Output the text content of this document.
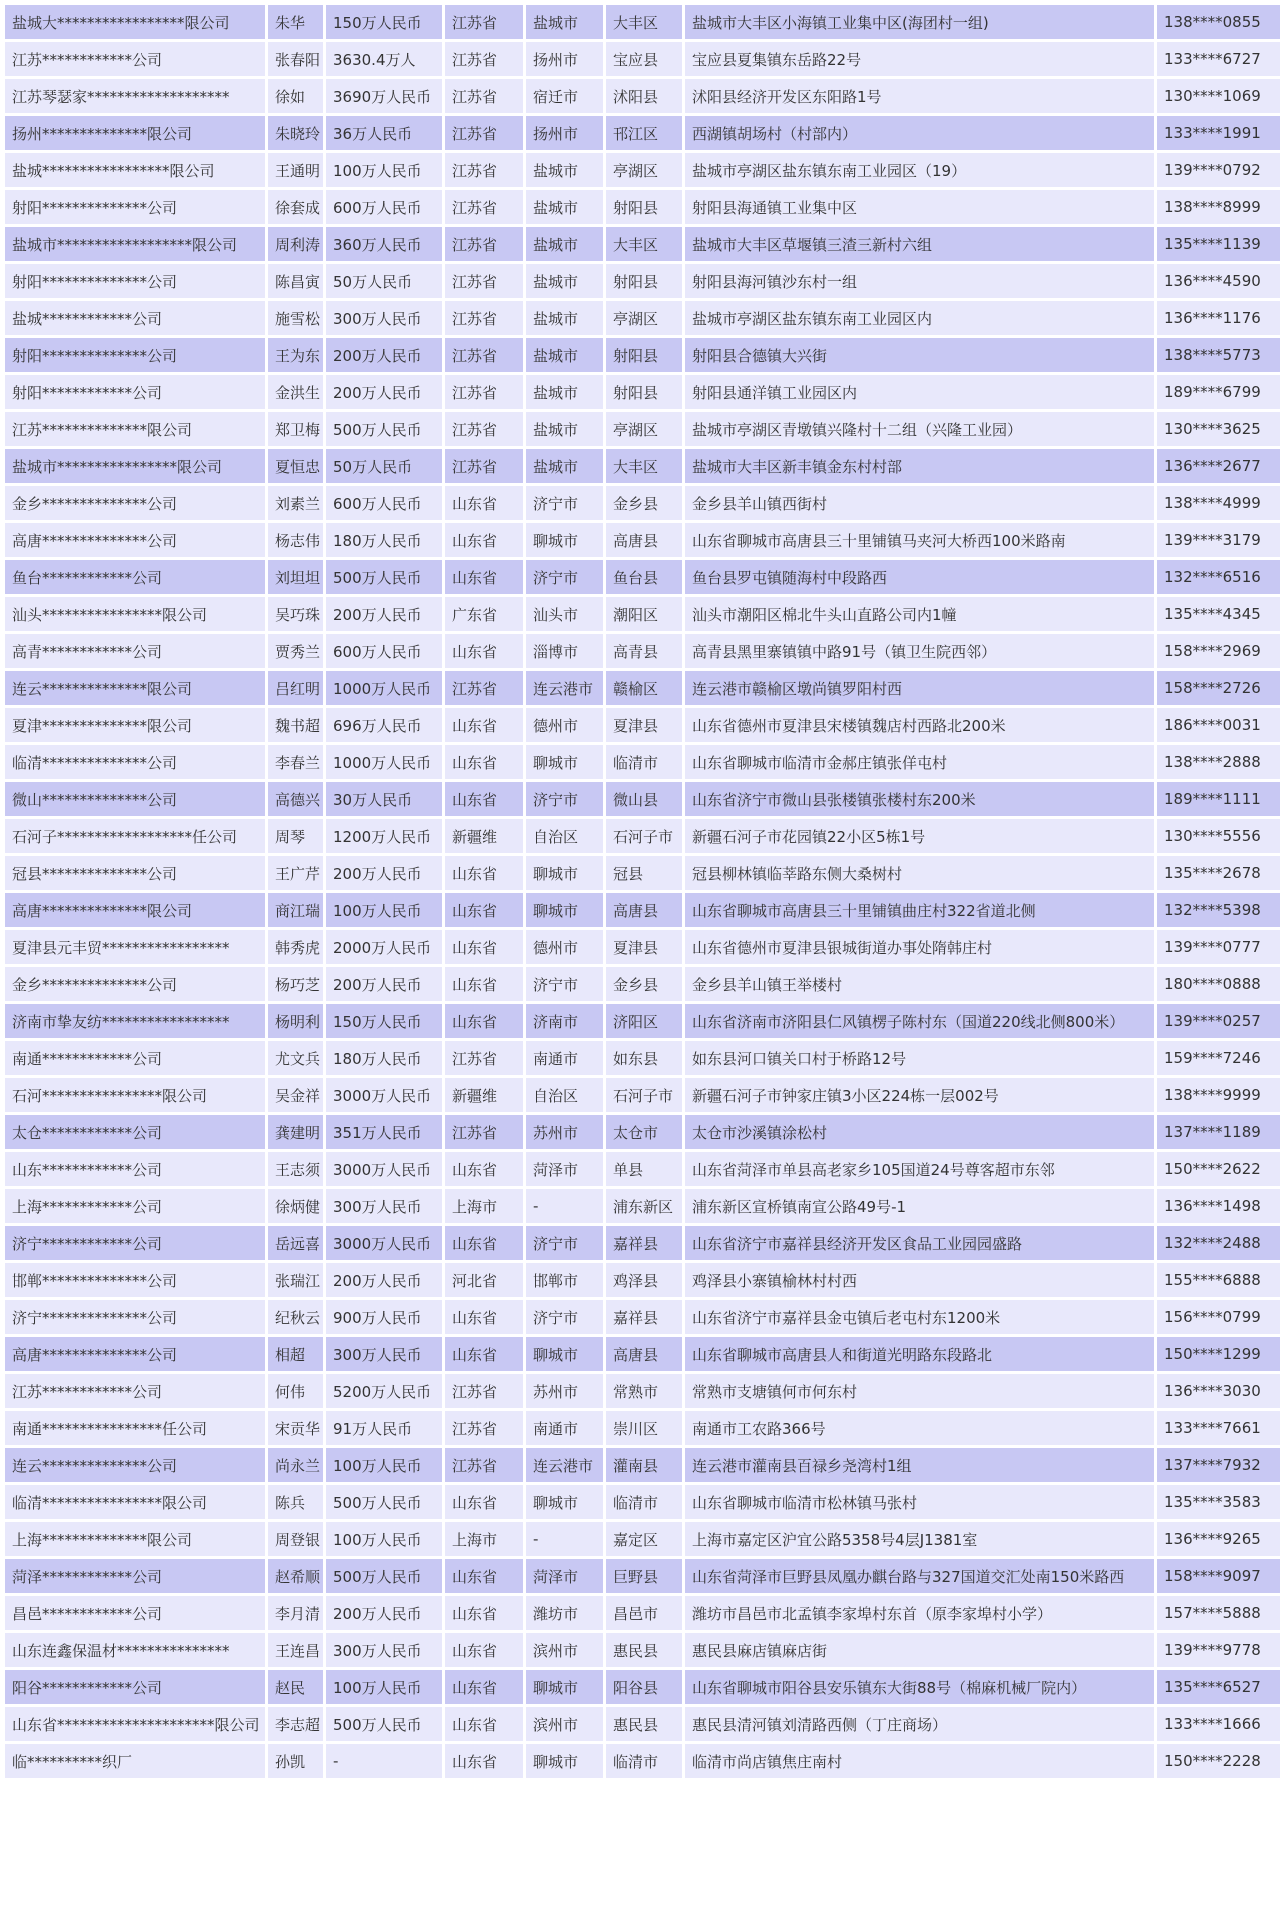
盐城大*****************限公司	朱华	150万人民币	江苏省	盐城市	大丰区	盐城市大丰区小海镇工业集中区(海团村一组)	138****0855
江苏************公司	张春阳	3630.4万人	江苏省	扬州市	宝应县	宝应县夏集镇东岳路22号	133****6727
江苏琴瑟家*******************	徐如	3690万人民币	江苏省	宿迁市	沭阳县	沭阳县经济开发区东阳路1号	130****1069
扬州**************限公司	朱晓玲	36万人民币	江苏省	扬州市	邗江区	西湖镇胡场村（村部内）	133****1991
盐城*****************限公司	王通明	100万人民币	江苏省	盐城市	亭湖区	盐城市亭湖区盐东镇东南工业园区（19）	139****0792
射阳**************公司	徐套成	600万人民币	江苏省	盐城市	射阳县	射阳县海通镇工业集中区	138****8999
盐城市******************限公司	周利涛	360万人民币	江苏省	盐城市	大丰区	盐城市大丰区草堰镇三渣三新村六组	135****1139
射阳**************公司	陈昌寅	50万人民币	江苏省	盐城市	射阳县	射阳县海河镇沙东村一组	136****4590
盐城************公司	施雪松	300万人民币	江苏省	盐城市	亭湖区	盐城市亭湖区盐东镇东南工业园区内	136****1176
射阳**************公司	王为东	200万人民币	江苏省	盐城市	射阳县	射阳县合德镇大兴街	138****5773
射阳************公司	金洪生	200万人民币	江苏省	盐城市	射阳县	射阳县通洋镇工业园区内	189****6799
江苏**************限公司	郑卫梅	500万人民币	江苏省	盐城市	亭湖区	盐城市亭湖区青墩镇兴隆村十二组（兴隆工业园）	130****3625
盐城市****************限公司	夏恒忠	50万人民币	江苏省	盐城市	大丰区	盐城市大丰区新丰镇金东村村部	136****2677
金乡**************公司	刘素兰	600万人民币	山东省	济宁市	金乡县	金乡县羊山镇西街村	138****4999
高唐**************公司	杨志伟	180万人民币	山东省	聊城市	高唐县	山东省聊城市高唐县三十里铺镇马夹河大桥西100米路南	139****3179
鱼台************公司	刘坦坦	500万人民币	山东省	济宁市	鱼台县	鱼台县罗屯镇随海村中段路西	132****6516
汕头****************限公司	吴巧珠	200万人民币	广东省	汕头市	潮阳区	汕头市潮阳区棉北牛头山直路公司内1幢	135****4345
高青************公司	贾秀兰	600万人民币	山东省	淄博市	高青县	高青县黑里寨镇镇中路91号（镇卫生院西邻）	158****2969
连云**************限公司	吕红明	1000万人民币	江苏省	连云港市	赣榆区	连云港市赣榆区墩尚镇罗阳村西	158****2726
夏津**************限公司	魏书超	696万人民币	山东省	德州市	夏津县	山东省德州市夏津县宋楼镇魏店村西路北200米	186****0031
临清**************公司	李春兰	1000万人民币	山东省	聊城市	临清市	山东省聊城市临清市金郝庄镇张佯屯村	138****2888
微山**************公司	高德兴	30万人民币	山东省	济宁市	微山县	山东省济宁市微山县张楼镇张楼村东200米	189****1111
石河子******************任公司	周琴	1200万人民币	新疆维	自治区	石河子市	新疆石河子市花园镇22小区5栋1号	130****5556
冠县**************公司	王广芹	200万人民币	山东省	聊城市	冠县	冠县柳林镇临莘路东侧大桑树村	135****2678
高唐**************限公司	商江瑞	100万人民币	山东省	聊城市	高唐县	山东省聊城市高唐县三十里铺镇曲庄村322省道北侧	132****5398
夏津县元丰贸*****************	韩秀虎	2000万人民币	山东省	德州市	夏津县	山东省德州市夏津县银城街道办事处隋韩庄村	139****0777
金乡**************公司	杨巧芝	200万人民币	山东省	济宁市	金乡县	金乡县羊山镇王举楼村	180****0888
济南市挚友纺*****************	杨明利	150万人民币	山东省	济南市	济阳区	山东省济南市济阳县仁风镇楞子陈村东（国道220线北侧800米）	139****0257
南通************公司	尤文兵	180万人民币	江苏省	南通市	如东县	如东县河口镇关口村于桥路12号	159****7246
石河****************限公司	吴金祥	3000万人民币	新疆维	自治区	石河子市	新疆石河子市钟家庄镇3小区224栋一层002号	138****9999
太仓************公司	龚建明	351万人民币	江苏省	苏州市	太仓市	太仓市沙溪镇涂松村	137****1189
山东************公司	王志须	3000万人民币	山东省	菏泽市	单县	山东省菏泽市单县高老家乡105国道24号尊客超市东邻	150****2622
上海************公司	徐炳健	300万人民币	上海市	-	浦东新区	浦东新区宣桥镇南宣公路49号-1	136****1498
济宁************公司	岳远喜	3000万人民币	山东省	济宁市	嘉祥县	山东省济宁市嘉祥县经济开发区食品工业园园盛路	132****2488
邯郸**************公司	张瑞江	200万人民币	河北省	邯郸市	鸡泽县	鸡泽县小寨镇榆林村村西	155****6888
济宁**************公司	纪秋云	900万人民币	山东省	济宁市	嘉祥县	山东省济宁市嘉祥县金屯镇后老屯村东1200米	156****0799
高唐**************公司	相超	300万人民币	山东省	聊城市	高唐县	山东省聊城市高唐县人和街道光明路东段路北	150****1299
江苏************公司	何伟	5200万人民币	江苏省	苏州市	常熟市	常熟市支塘镇何市何东村	136****3030
南通****************任公司	宋贡华	91万人民币	江苏省	南通市	崇川区	南通市工农路366号	133****7661
连云**************公司	尚永兰	100万人民币	江苏省	连云港市	灌南县	连云港市灌南县百禄乡尧湾村1组	137****7932
临清****************限公司	陈兵	500万人民币	山东省	聊城市	临清市	山东省聊城市临清市松林镇马张村	135****3583
上海**************限公司	周登银	100万人民币	上海市	-	嘉定区	上海市嘉定区沪宜公路5358号4层J1381室	136****9265
菏泽************公司	赵希顺	500万人民币	山东省	菏泽市	巨野县	山东省菏泽市巨野县凤凰办麒台路与327国道交汇处南150米路西	158****9097
昌邑************公司	李月清	200万人民币	山东省	潍坊市	昌邑市	潍坊市昌邑市北孟镇李家埠村东首（原李家埠村小学）	157****5888
山东连鑫保温材***************	王连昌	300万人民币	山东省	滨州市	惠民县	惠民县麻店镇麻店街	139****9778
阳谷************公司	赵民	100万人民币	山东省	聊城市	阳谷县	山东省聊城市阳谷县安乐镇东大街88号（棉麻机械厂院内）	135****6527
山东省*********************限公司	李志超	500万人民币	山东省	滨州市	惠民县	惠民县清河镇刘清路西侧（丁庄商场）	133****1666
临**********织厂	孙凯	-	山东省	聊城市	临清市	临清市尚店镇焦庄南村	150****2228
